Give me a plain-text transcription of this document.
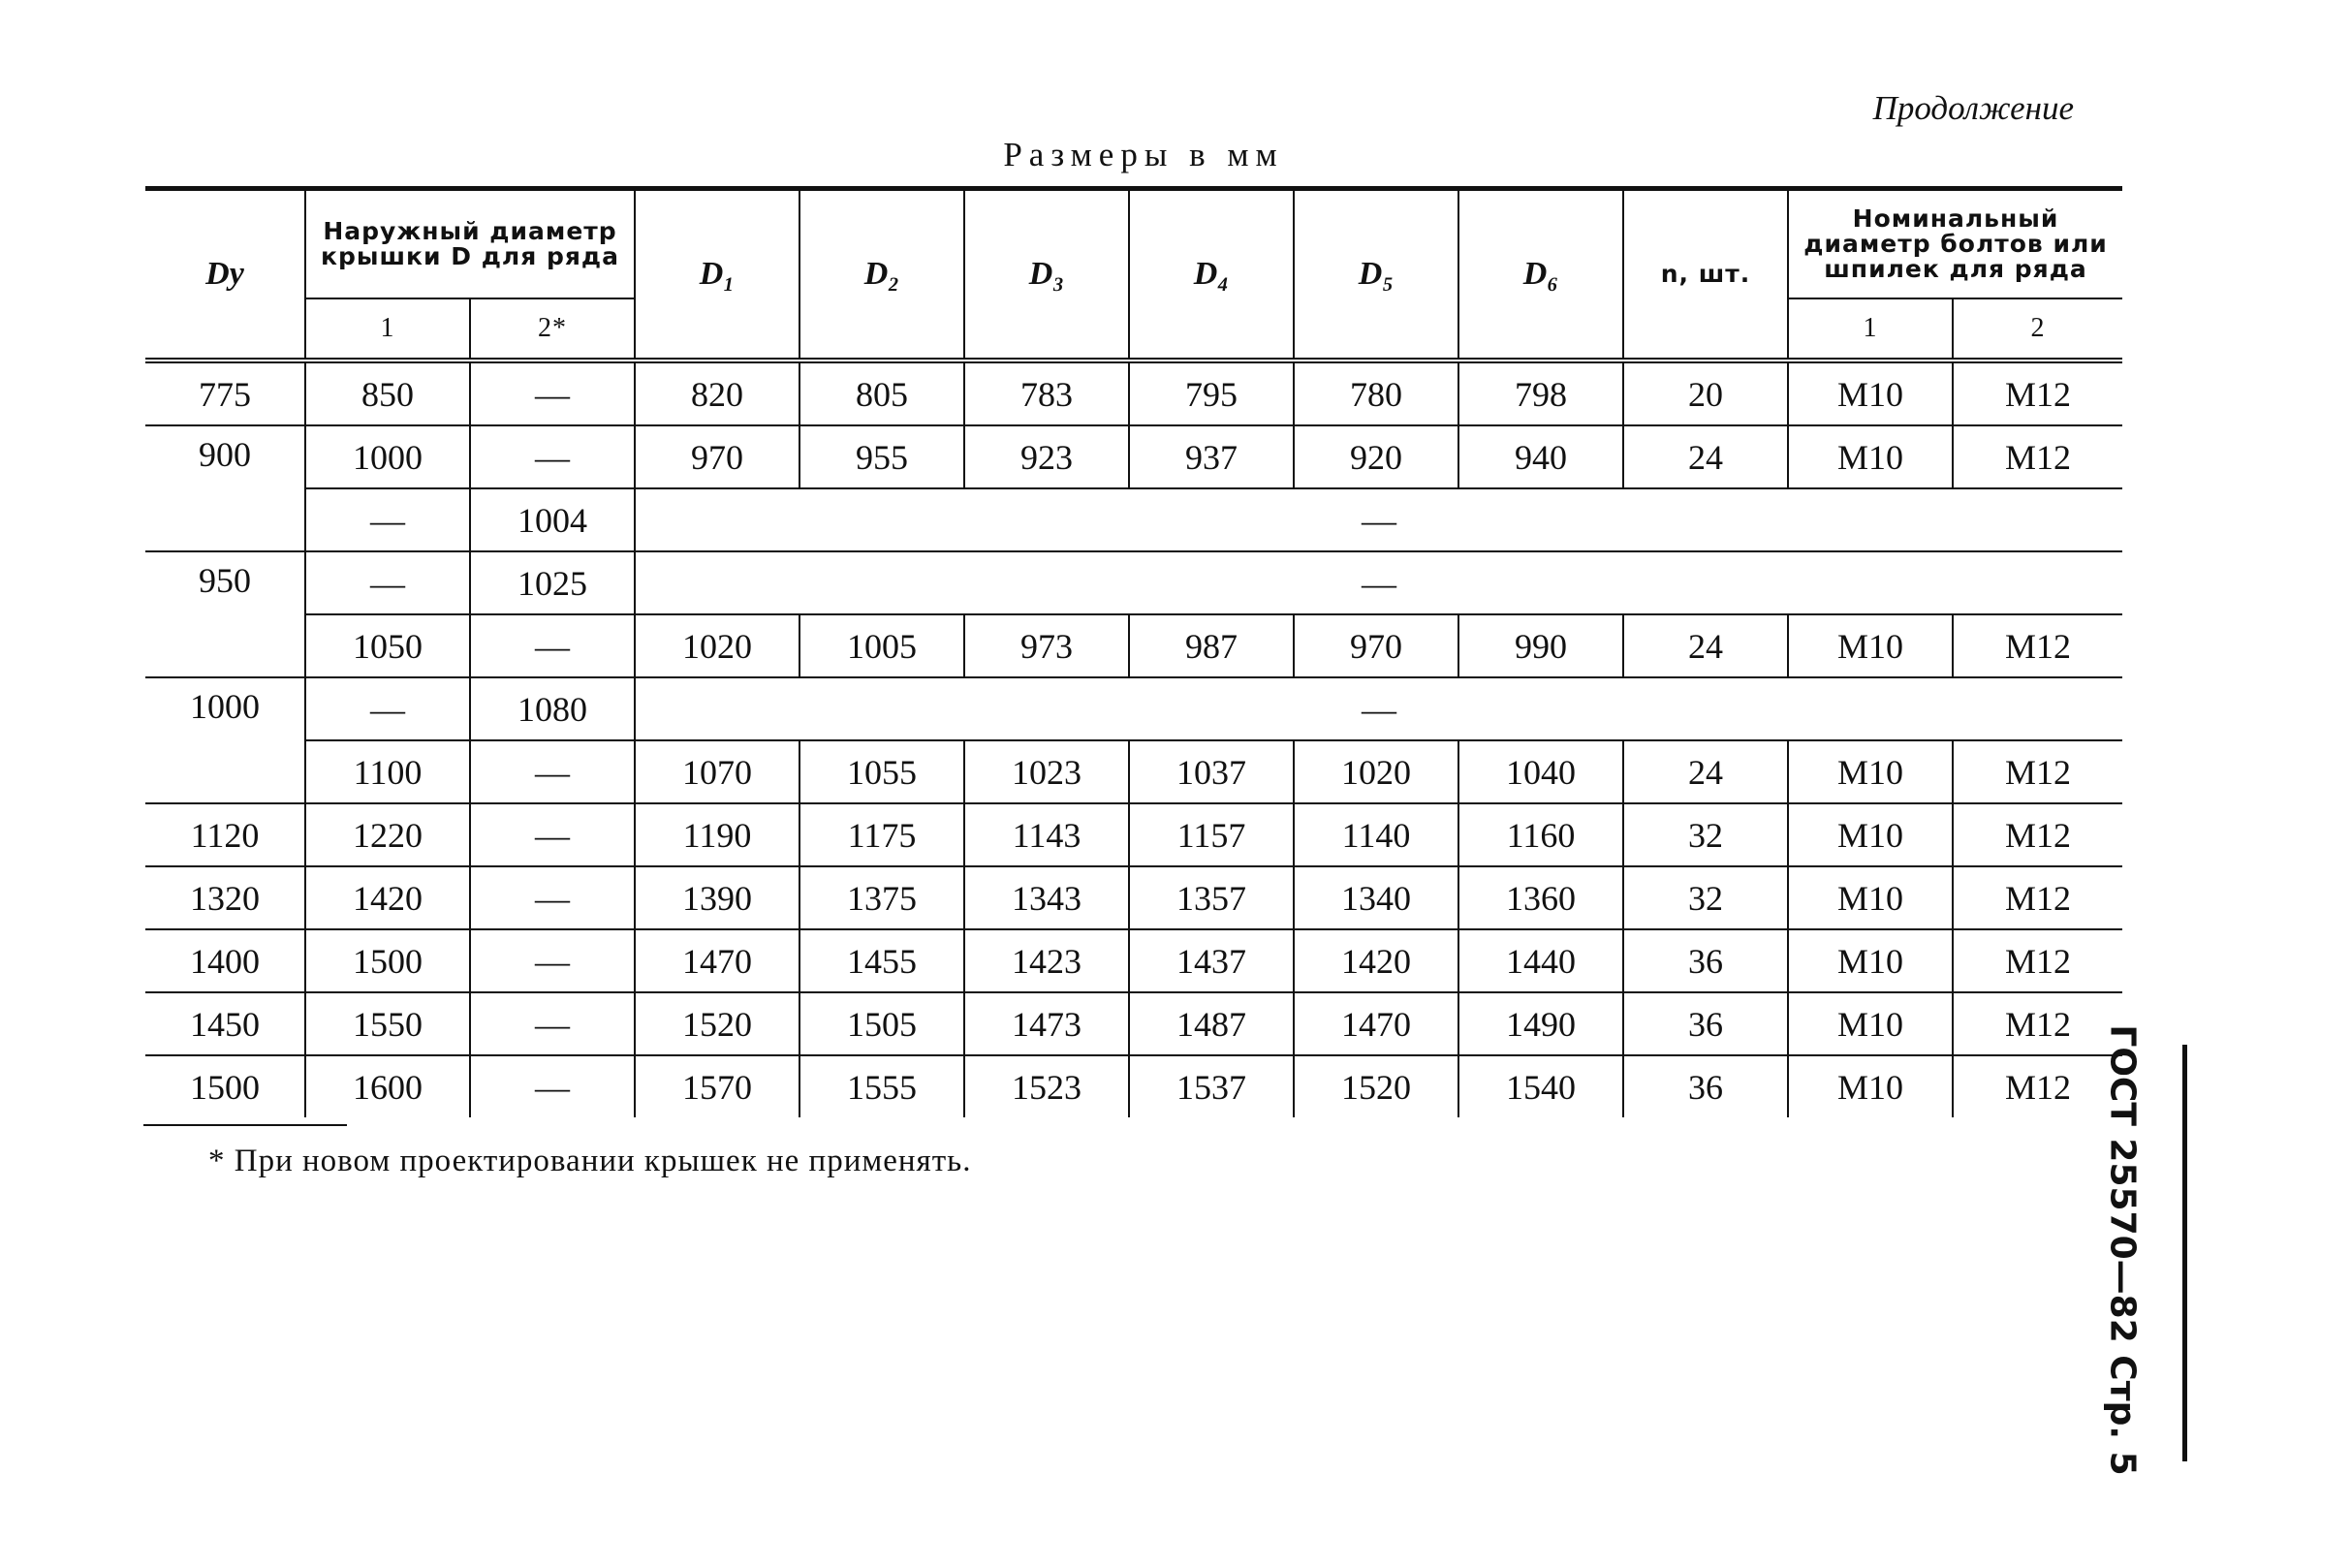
Продолжение
Размеры в мм
Dу	Наружный диаметр крышки D для ряда		D₁	D₂	D₃	D₄	D₅	D₆	n, шт.	Номинальный диаметр болтов или шпилек для ряда	
	1	2*								1	2
775	850	—	820	805	783	795	780	798	20	M10	M12
900	1000	—	970	955	923	937	920	940	24	M10	M12
	—	1004	—								
950	—	1025	—								
	1050	—	1020	1005	973	987	970	990	24	M10	M12
1000	—	1080	—								
	1100	—	1070	1055	1023	1037	1020	1040	24	M10	M12
1120	1220	—	1190	1175	1143	1157	1140	1160	32	M10	M12
1320	1420	—	1390	1375	1343	1357	1340	1360	32	M10	M12
1400	1500	—	1470	1455	1423	1437	1420	1440	36	M10	M12
1450	1550	—	1520	1505	1473	1487	1470	1490	36	M10	M12
1500	1600	—	1570	1555	1523	1537	1520	1540	36	M10	M12
* При новом проектировании крышек не применять.	ГОСТ 25570—82 Стр. 5
